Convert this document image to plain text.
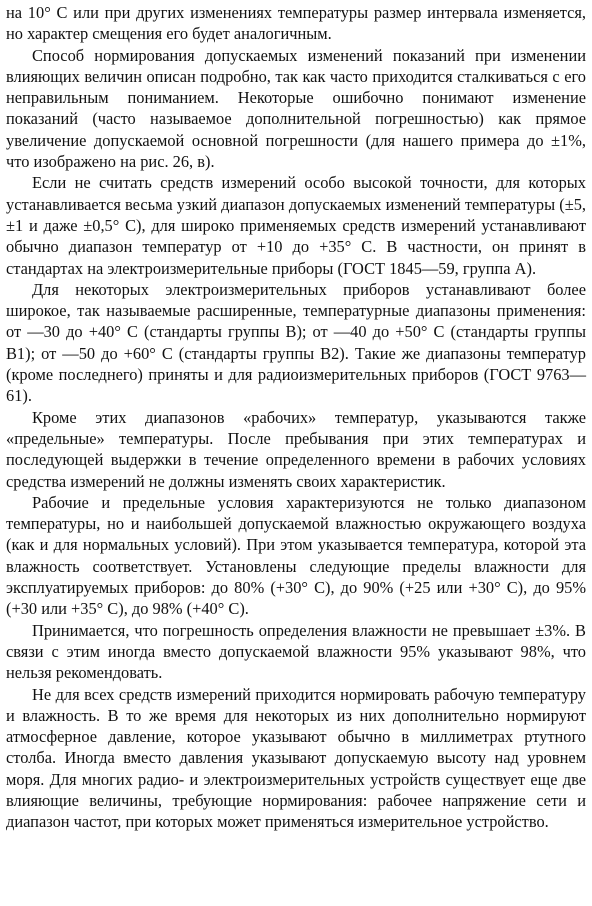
на 10° С или при других изменениях температуры размер интервала изменяется, но характер смещения его будет аналогичным.

Способ нормирования допускаемых изменений показаний при изменении влияющих величин описан подробно, так как часто приходится сталкиваться с его неправильным пониманием. Некоторые ошибочно понимают изменение показаний (часто называемое дополнительной погрешностью) как прямое увеличение допускаемой основной погрешности (для нашего примера до ±1%, что изображено на рис. 26, в).

Если не считать средств измерений особо высокой точности, для которых устанавливается весьма узкий диапазон допускаемых изменений температуры (±5, ±1 и даже ±0,5° С), для широко применяемых средств измерений устанавливают обычно диапазон температур от +10 до +35° С. В частности, он принят в стандартах на электроизмерительные приборы (ГОСТ 1845—59, группа А).

Для некоторых электроизмерительных приборов устанавливают более широкое, так называемые расширенные, температурные диапазоны применения: от —30 до +40° С (стандарты группы В); от —40 до +50° С (стандарты группы В1); от —50 до +60° С (стандарты группы В2). Такие же диапазоны температур (кроме последнего) приняты и для радиоизмерительных приборов (ГОСТ 9763—61).

Кроме этих диапазонов «рабочих» температур, указываются также «предельные» температуры. После пребывания при этих температурах и последующей выдержки в течение определенного времени в рабочих условиях средства измерений не должны изменять своих характеристик.

Рабочие и предельные условия характеризуются не только диапазоном температуры, но и наибольшей допускаемой влажностью окружающего воздуха (как и для нормальных условий). При этом указывается температура, которой эта влажность соответствует. Установлены следующие пределы влажности для эксплуатируемых приборов: до 80% (+30° С), до 90% (+25 или +30° С), до 95% (+30 или +35° С), до 98% (+40° С).

Принимается, что погрешность определения влажности не превышает ±3%. В связи с этим иногда вместо допускаемой влажности 95% указывают 98%, что нельзя рекомендовать.

Не для всех средств измерений приходится нормировать рабочую температуру и влажность. В то же время для некоторых из них дополнительно нормируют атмосферное давление, которое указывают обычно в миллиметрах ртутного столба. Иногда вместо давления указывают допускаемую высоту над уровнем моря. Для многих радио- и электроизмерительных устройств существует еще две влияющие величины, требующие нормирования: рабочее напряжение сети и диапазон частот, при которых может применяться измерительное устройство.
